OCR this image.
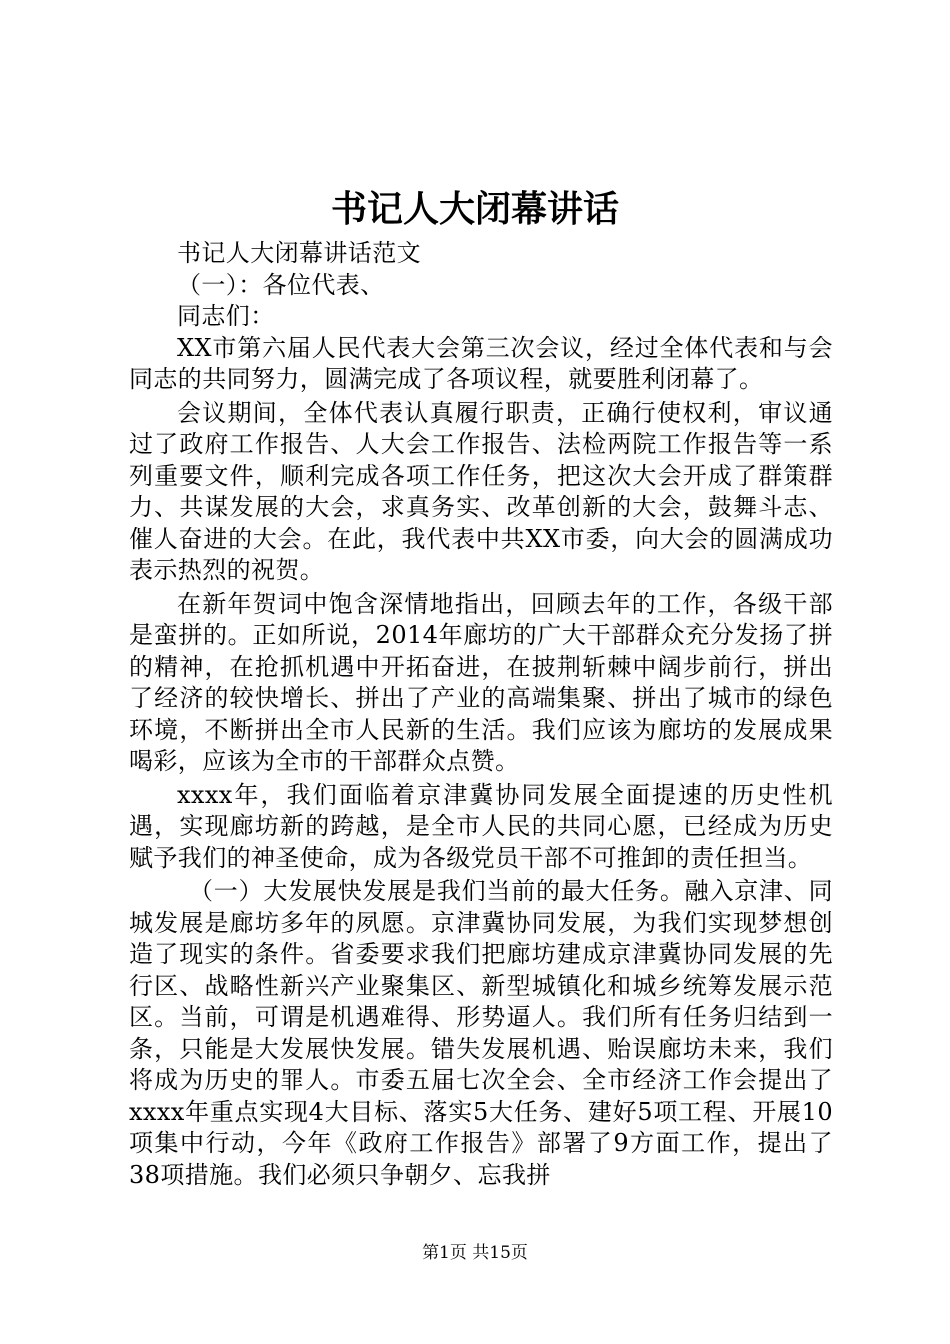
书记人大闭幕讲话

书记人大闭幕讲话范文

（一）：各位代表、

同志们：

XX市第六届人民代表大会第三次会议，经过全体代表和与会同志的共同努力，圆满完成了各项议程，就要胜利闭幕了。

会议期间，全体代表认真履行职责，正确行使权利，审议通过了政府工作报告、人大会工作报告、法检两院工作报告等一系列重要文件，顺利完成各项工作任务，把这次大会开成了群策群力、共谋发展的大会，求真务实、改革创新的大会，鼓舞斗志、催人奋进的大会。在此，我代表中共XX市委，向大会的圆满成功表示热烈的祝贺。

在新年贺词中饱含深情地指出，回顾去年的工作，各级干部是蛮拼的。正如所说，2014年廊坊的广大干部群众充分发扬了拼的精神，在抢抓机遇中开拓奋进，在披荆斩棘中阔步前行，拼出了经济的较快增长、拼出了产业的高端集聚、拼出了城市的绿色环境，不断拼出全市人民新的生活。我们应该为廊坊的发展成果喝彩，应该为全市的干部群众点赞。

xxxx年，我们面临着京津冀协同发展全面提速的历史性机遇，实现廊坊新的跨越，是全市人民的共同心愿，已经成为历史赋予我们的神圣使命，成为各级党员干部不可推卸的责任担当。

（一）大发展快发展是我们当前的最大任务。融入京津、同城发展是廊坊多年的夙愿。京津冀协同发展，为我们实现梦想创造了现实的条件。省委要求我们把廊坊建成京津冀协同发展的先行区、战略性新兴产业聚集区、新型城镇化和城乡统筹发展示范区。当前，可谓是机遇难得、形势逼人。我们所有任务归结到一条，只能是大发展快发展。错失发展机遇、贻误廊坊未来，我们将成为历史的罪人。市委五届七次全会、全市经济工作会提出了xxxx年重点实现4大目标、落实5大任务、建好5项工程、开展10项集中行动，今年《政府工作报告》部署了9方面工作，提出了38项措施。我们必须只争朝夕、忘我拼

第1页 共15页
